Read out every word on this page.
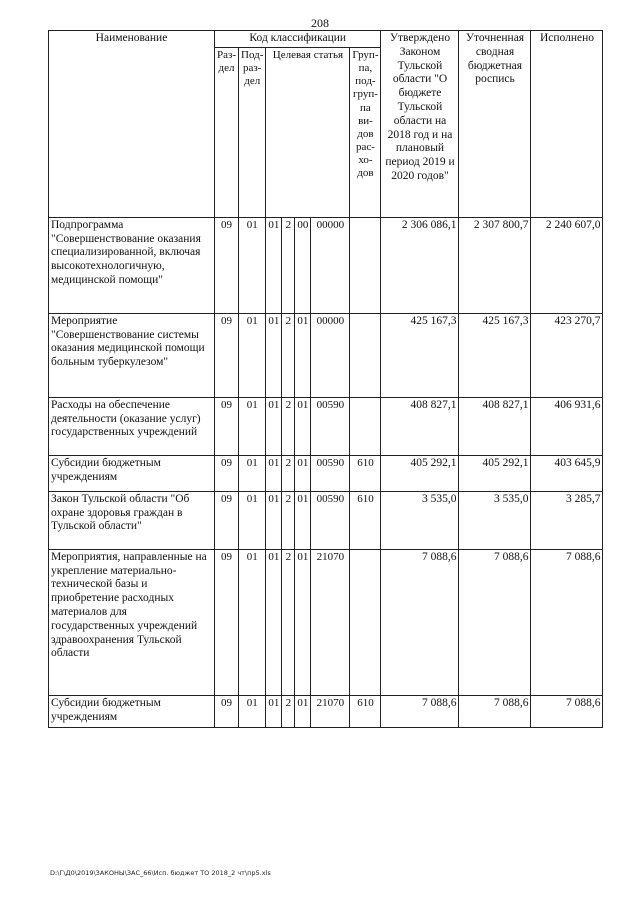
208
Наименование	Код классификации							Утверждено Законом Тульской области "О бюджете Тульской области на 2018 год и на плановый период 2019 и 2020 годов"	Уточненная сводная бюджетная роспись	Исполнено
	Раз-дел	Под-раз-дел	Целевая статья				Груп-па, под-груп-па ви-дов рас-хо-дов			
Подпрограмма "Совершенствование оказания специализированной, включая высокотехнологичную, медицинской помощи"	09	01	01	2	00	00000		2 306 086,1	2 307 800,7	2 240 607,0
Мероприятие "Совершенствование системы оказания медицинской помощи больным туберкулезом"	09	01	01	2	01	00000		425 167,3	425 167,3	423 270,7
Расходы на обеспечение деятельности (оказание услуг) государственных учреждений	09	01	01	2	01	00590		408 827,1	408 827,1	406 931,6
Субсидии бюджетным учреждениям	09	01	01	2	01	00590	610	405 292,1	405 292,1	403 645,9
Закон Тульской области "Об охране здоровья граждан в Тульской области"	09	01	01	2	01	00590	610	3 535,0	3 535,0	3 285,7
Мероприятия, направленные на укрепление материально-технической базы и приобретение расходных материалов для государственных учреждений здравоохранения Тульской области	09	01	01	2	01	21070		7 088,6	7 088,6	7 088,6
Субсидии бюджетным учреждениям	09	01	01	2	01	21070	610	7 088,6	7 088,6	7 088,6
D:\Г\Д0\2019\ЗАКОНЫ\ЗАС_66\Исп. бюджет ТО 2018_2 чт\пр5.xls
